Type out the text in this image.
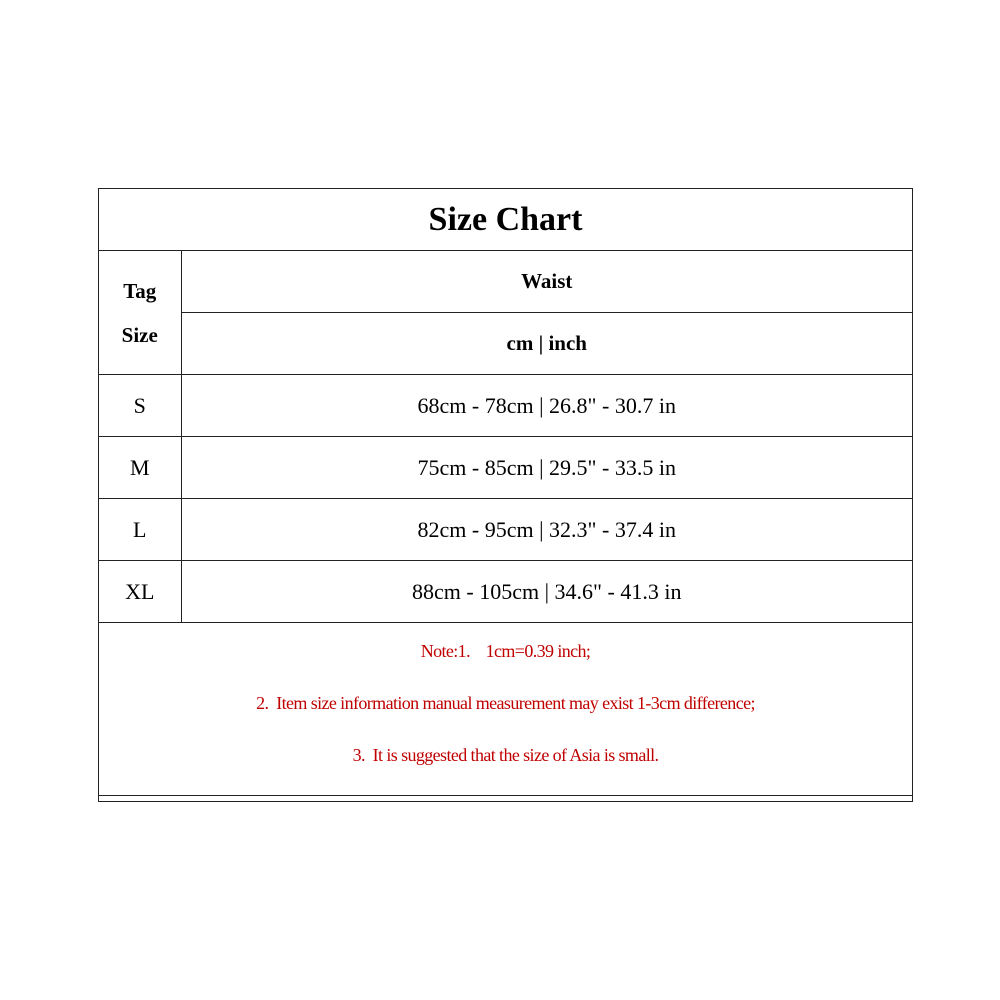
Size Chart	

Tag
Size	Waist
	cm | inch
S	68cm - 78cm | 26.8" - 30.7 in
M	75cm - 85cm | 29.5" - 33.5 in
L	82cm - 95cm | 32.3" - 37.4 in
XL	88cm - 105cm | 34.6" - 41.3 in

Note:1.    1cm=0.39 inch;
2.  Item size information manual measurement may exist 1-3cm difference;
3.  It is suggested that the size of Asia is small.	
